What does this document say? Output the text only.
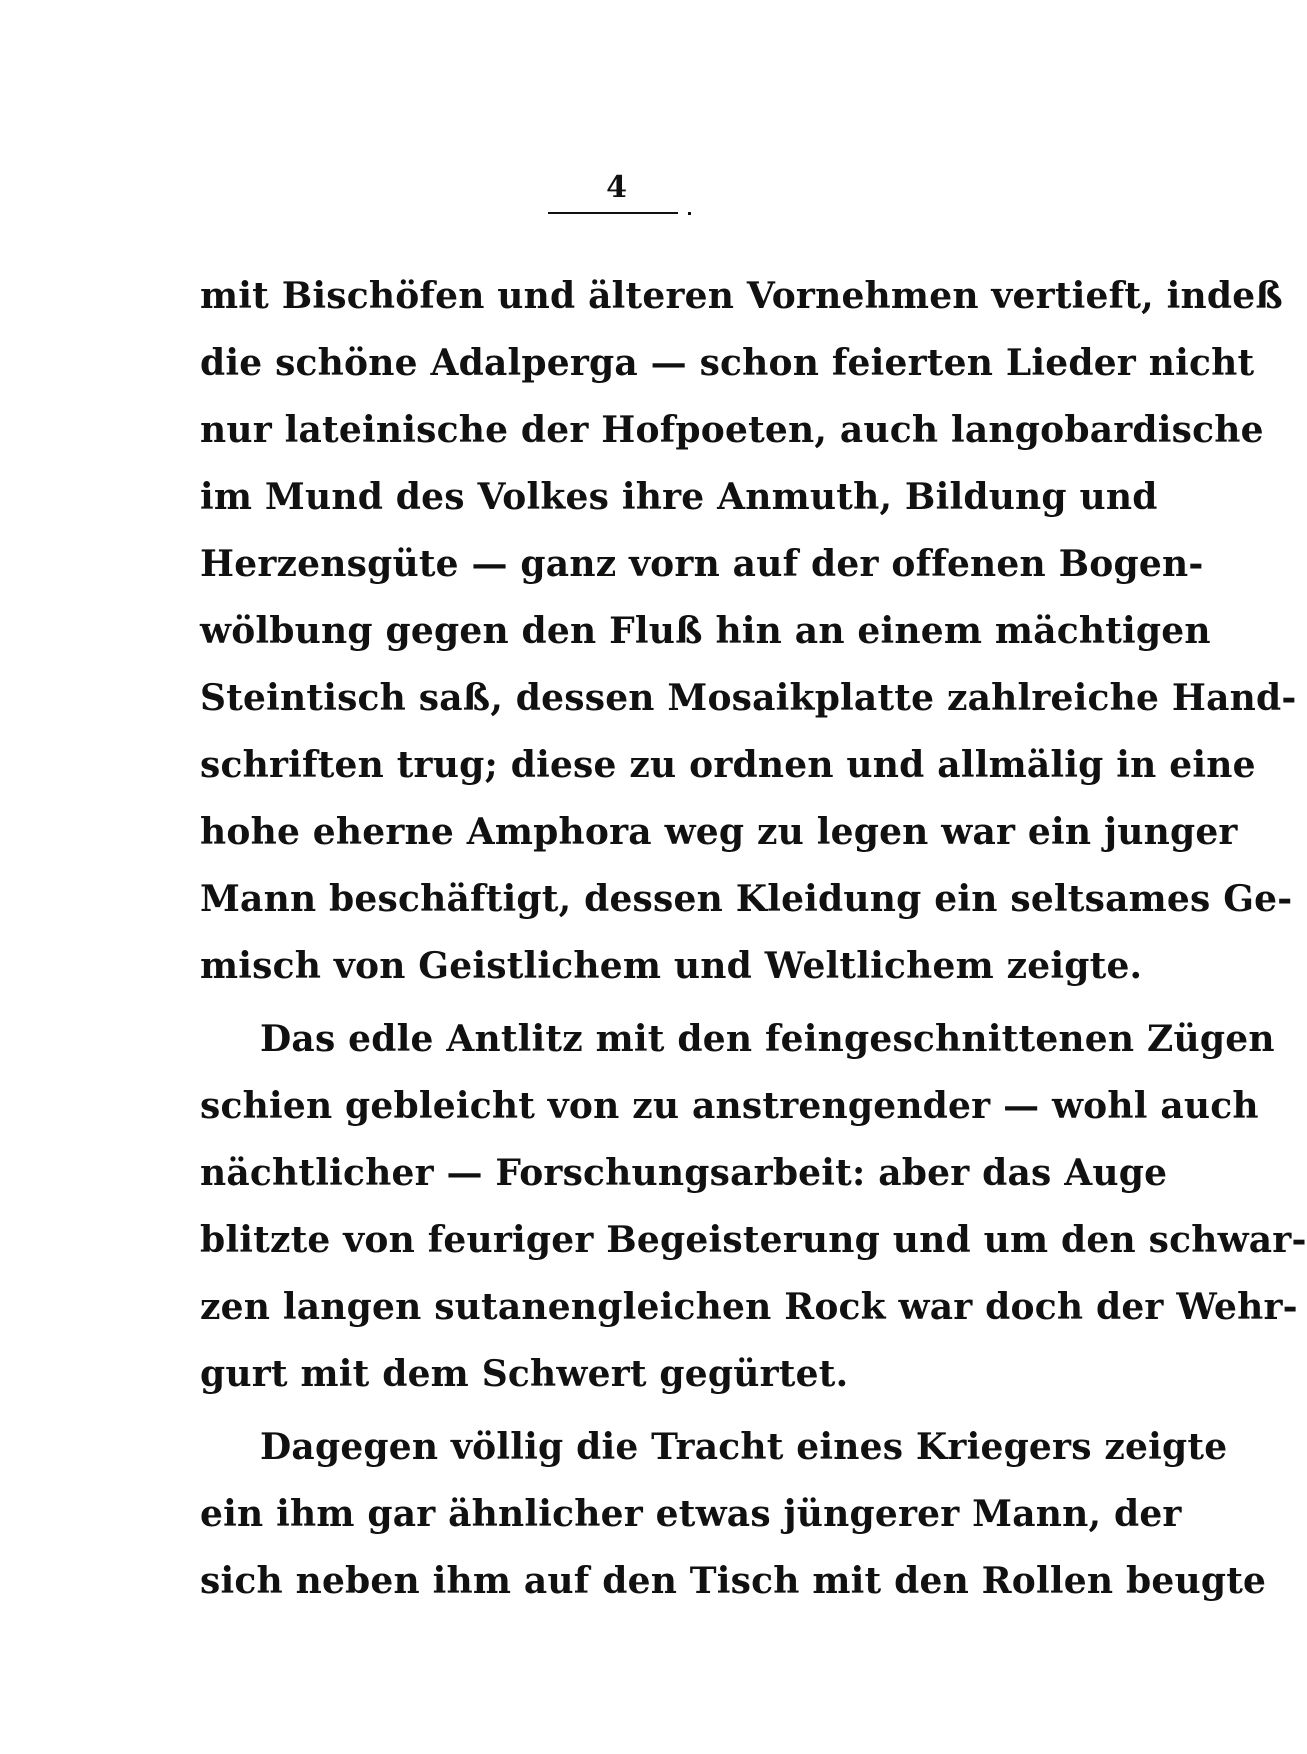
4
mit Bischöfen und älteren Vornehmen vertieft, indeß
die schöne Adalperga — schon feierten Lieder nicht
nur lateinische der Hofpoeten, auch langobardische
im Mund des Volkes ihre Anmuth, Bildung und
Herzensgüte — ganz vorn auf der offenen Bogen-
wölbung gegen den Fluß hin an einem mächtigen
Steintisch saß, dessen Mosaikplatte zahlreiche Hand-
schriften trug; diese zu ordnen und allmälig in eine
hohe eherne Amphora weg zu legen war ein junger
Mann beschäftigt, dessen Kleidung ein seltsames Ge-
misch von Geistlichem und Weltlichem zeigte.
Das edle Antlitz mit den feingeschnittenen Zügen
schien gebleicht von zu anstrengender — wohl auch
nächtlicher — Forschungsarbeit: aber das Auge
blitzte von feuriger Begeisterung und um den schwar-
zen langen sutanengleichen Rock war doch der Wehr-
gurt mit dem Schwert gegürtet.
Dagegen völlig die Tracht eines Kriegers zeigte
ein ihm gar ähnlicher etwas jüngerer Mann, der
sich neben ihm auf den Tisch mit den Rollen beugte
